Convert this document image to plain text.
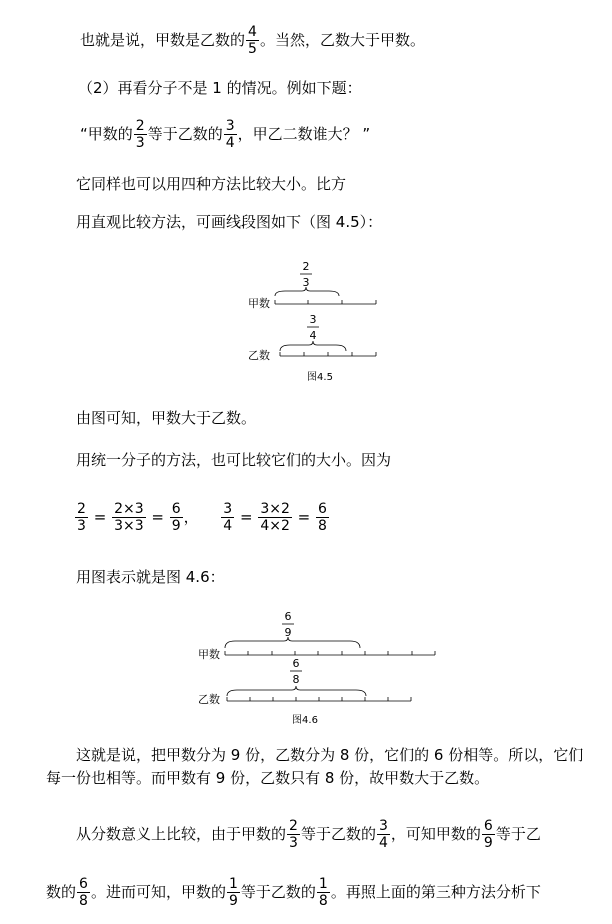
也就是说，甲数是乙数的 $\frac{4}{5}$ 。当然，乙数大于甲数。
（2）再看分子不是 1 的情况。例如下题：
“甲数的 $\frac{2}{3}$ 等于乙数的 $\frac{3}{4}$ ，甲乙二数谁大？ ”
它同样也可以用四种方法比较大小。比方
用直观比较方法，可画线段图如下（图 4.5）：
2
3
甲数
3
4
乙数
图4.5
由图可知，甲数大于乙数。
用统一分子的方法，也可比较它们的大小。因为
$\frac{2}{3} = \frac{2\times 3}{3\times 3} = \frac{6}{9}$ ， $\frac{3}{4} = \frac{3\times 2}{4\times 2} = \frac{6}{8}$
用图表示就是图 4.6：
6
9
甲数
6
8
乙数
图4.6
这就是说，把甲数分为 9 份，乙数分为 8 份，它们的 6 份相等。所以，它们
每一份也相等。而甲数有 9 份，乙数只有 8 份，故甲数大于乙数。
从分数意义上比较，由于甲数的 $\frac{2}{3}$ 等于乙数的 $\frac{3}{4}$ ，可知甲数的 $\frac{6}{9}$ 等于乙
数的 $\frac{6}{8}$ 。进而可知，甲数的 $\frac{1}{9}$ 等于乙数的 $\frac{1}{8}$ 。再照上面的第三种方法分析下
